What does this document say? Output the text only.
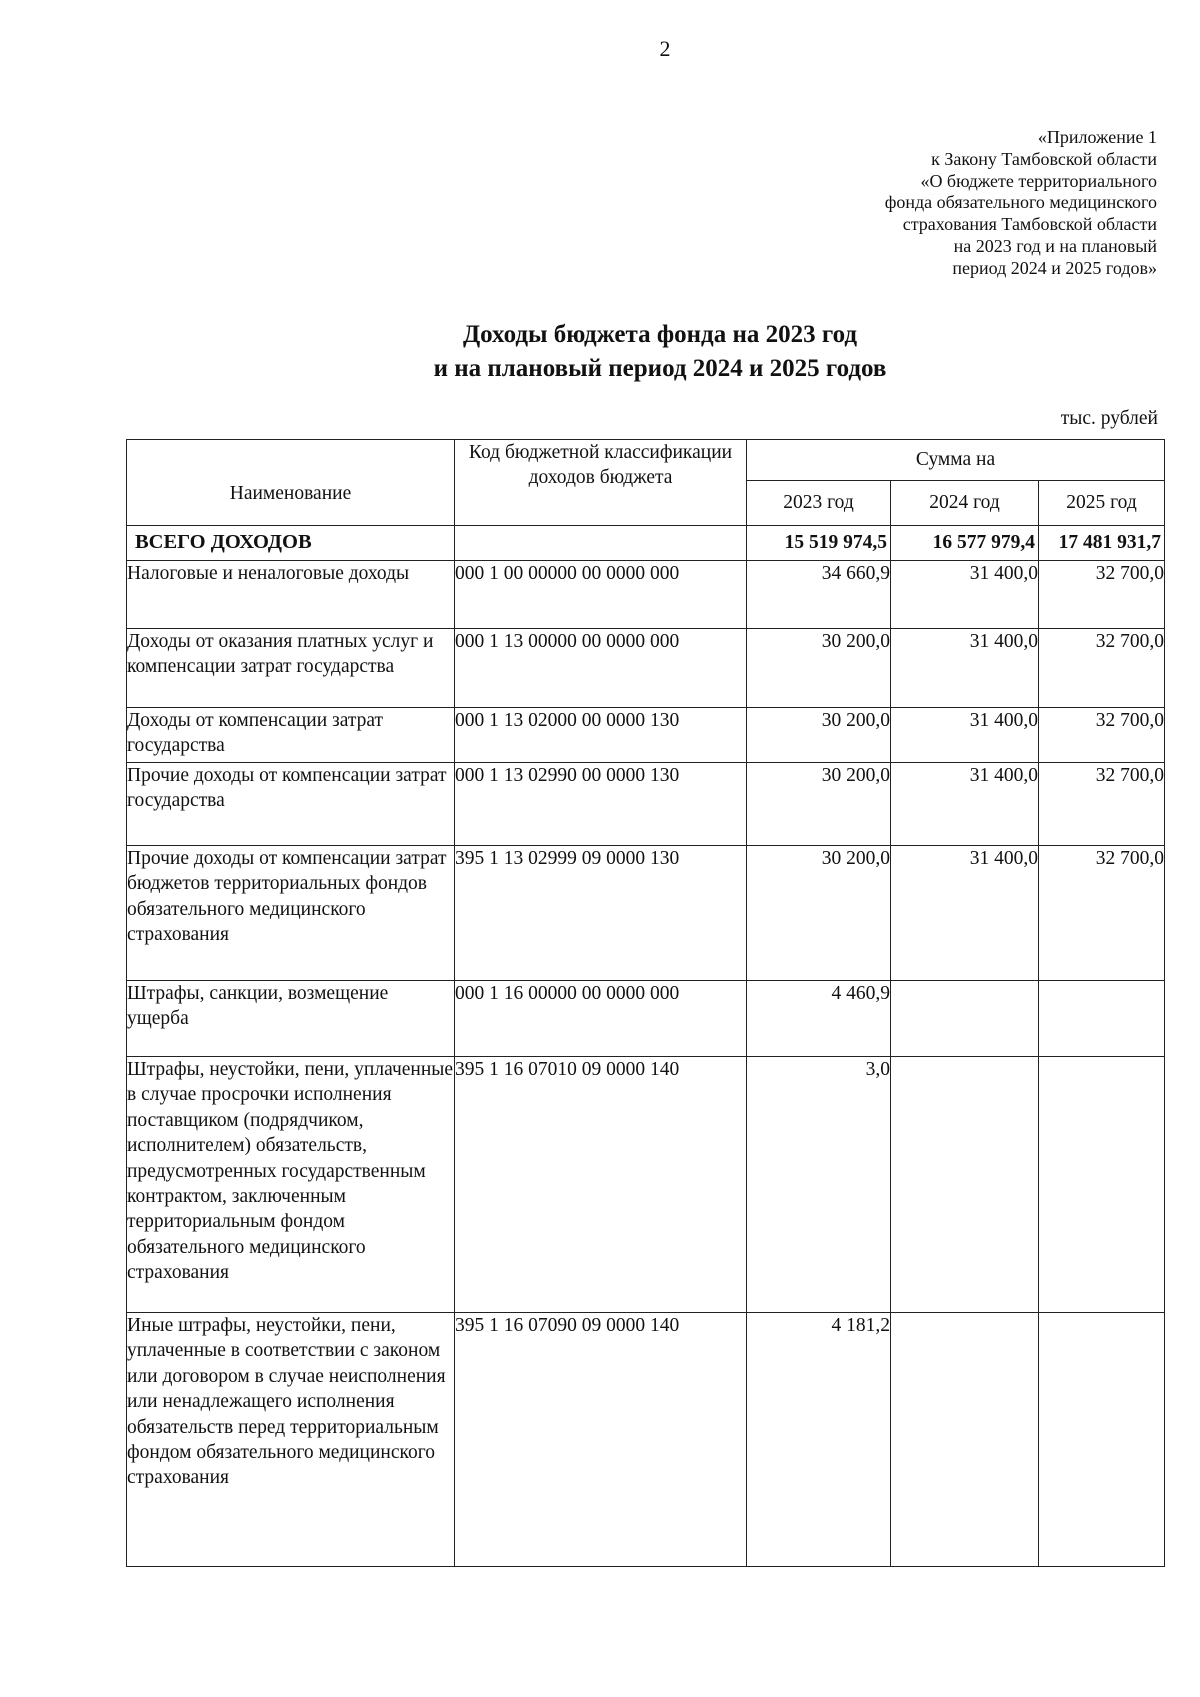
2
«Приложение 1
к Закону Тамбовской области
«О бюджете территориального
фонда обязательного медицинского
страхования Тамбовской области
на 2023 год и на плановый
период 2024 и 2025 годов»
Доходы бюджета фонда на 2023 год
и на плановый период 2024 и 2025 годов
тыс. рублей
Наименование	Код бюджетной классификации доходов бюджета	Сумма на		
		2023 год	2024 год	2025 год
ВСЕГО ДОХОДОВ		15 519 974,5	16 577 979,4	17 481 931,7
Налоговые и неналоговые доходы	000 1 00 00000 00 0000 000	34 660,9	31 400,0	32 700,0
Доходы от оказания платных услуг и компенсации затрат государства	000 1 13 00000 00 0000 000	30 200,0	31 400,0	32 700,0
Доходы от компенсации затрат государства	000 1 13 02000 00 0000 130	30 200,0	31 400,0	32 700,0
Прочие доходы от компенсации затрат государства	000 1 13 02990 00 0000 130	30 200,0	31 400,0	32 700,0
Прочие доходы от компенсации затрат бюджетов территориальных фондов обязательного медицинского страхования	395 1 13 02999 09 0000 130	30 200,0	31 400,0	32 700,0
Штрафы, санкции, возмещение ущерба	000 1 16 00000 00 0000 000	4 460,9		
Штрафы, неустойки, пени, уплаченные в случае просрочки исполнения поставщиком (подрядчиком, исполнителем) обязательств, предусмотренных государственным контрактом, заключенным территориальным фондом обязательного медицинского страхования	395 1 16 07010 09 0000 140	3,0		
Иные штрафы, неустойки, пени, уплаченные в соответствии с законом или договором в случае неисполнения или ненадлежащего исполнения обязательств перед территориальным фондом обязательного медицинского страхования	395 1 16 07090 09 0000 140	4 181,2		
